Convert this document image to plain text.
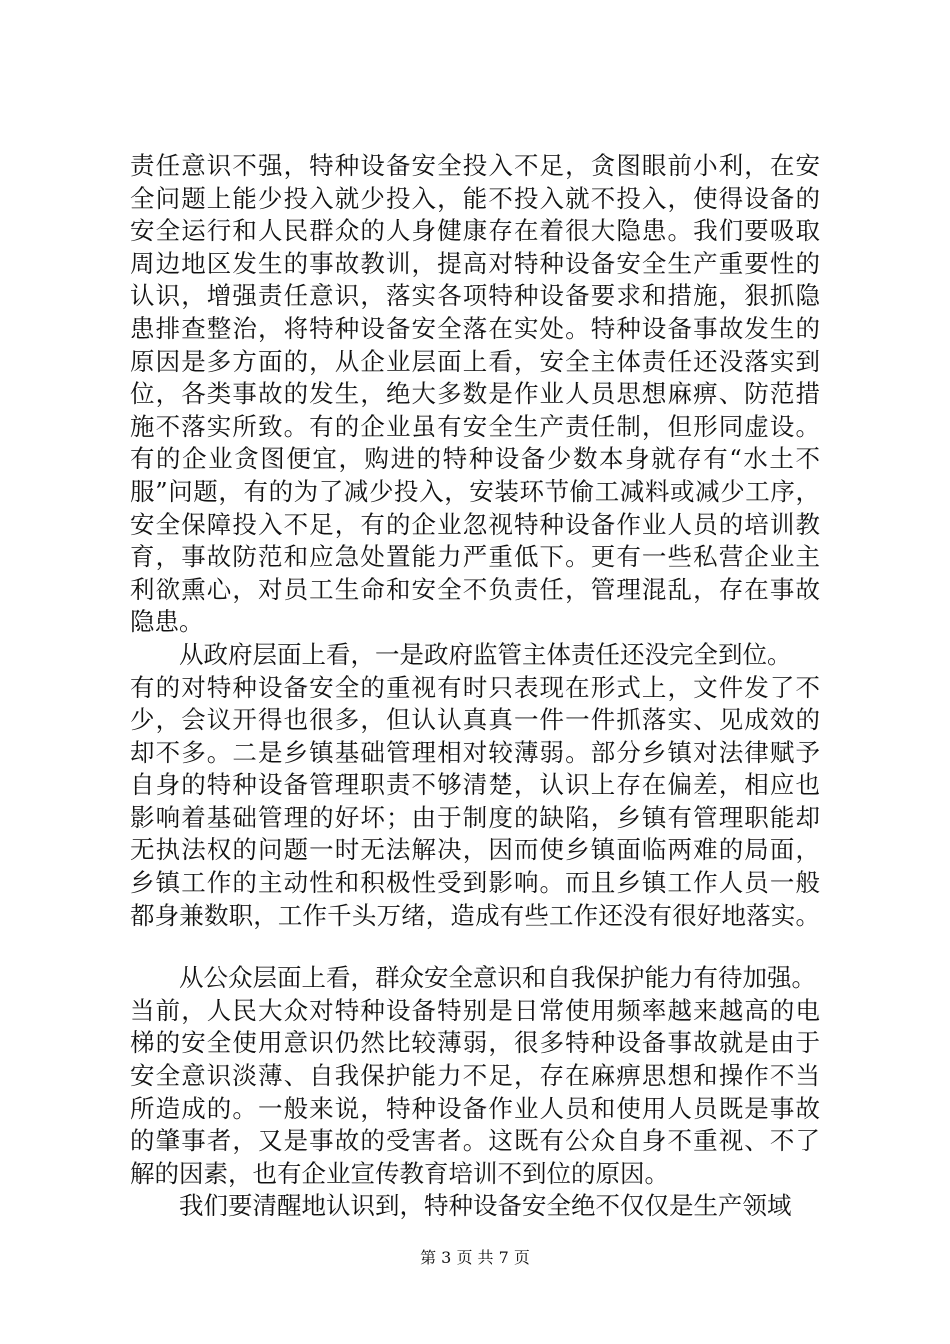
责任意识不强，特种设备安全投入不足，贪图眼前小利，在安
全问题上能少投入就少投入，能不投入就不投入，使得设备的
安全运行和人民群众的人身健康存在着很大隐患。我们要吸取
周边地区发生的事故教训，提高对特种设备安全生产重要性的
认识，增强责任意识，落实各项特种设备要求和措施，狠抓隐
患排查整治，将特种设备安全落在实处。特种设备事故发生的
原因是多方面的，从企业层面上看，安全主体责任还没落实到
位，各类事故的发生，绝大多数是作业人员思想麻痹、防范措
施不落实所致。有的企业虽有安全生产责任制，但形同虚设。
有的企业贪图便宜，购进的特种设备少数本身就存有“水土不
服”问题，有的为了减少投入，安装环节偷工减料或减少工序，
安全保障投入不足，有的企业忽视特种设备作业人员的培训教
育，事故防范和应急处置能力严重低下。更有一些私营企业主
利欲熏心，对员工生命和安全不负责任，管理混乱，存在事故
隐患。
　　从政府层面上看，一是政府监管主体责任还没完全到位。
有的对特种设备安全的重视有时只表现在形式上，文件发了不
少，会议开得也很多，但认认真真一件一件抓落实、见成效的
却不多。二是乡镇基础管理相对较薄弱。部分乡镇对法律赋予
自身的特种设备管理职责不够清楚，认识上存在偏差，相应也
影响着基础管理的好坏；由于制度的缺陷，乡镇有管理职能却
无执法权的问题一时无法解决，因而使乡镇面临两难的局面，
乡镇工作的主动性和积极性受到影响。而且乡镇工作人员一般
都身兼数职，工作千头万绪，造成有些工作还没有很好地落实。
　　从公众层面上看，群众安全意识和自我保护能力有待加强。
当前，人民大众对特种设备特别是日常使用频率越来越高的电
梯的安全使用意识仍然比较薄弱，很多特种设备事故就是由于
安全意识淡薄、自我保护能力不足，存在麻痹思想和操作不当
所造成的。一般来说，特种设备作业人员和使用人员既是事故
的肇事者，又是事故的受害者。这既有公众自身不重视、不了
解的因素，也有企业宣传教育培训不到位的原因。
　　我们要清醒地认识到，特种设备安全绝不仅仅是生产领域
第 3 页 共 7 页
